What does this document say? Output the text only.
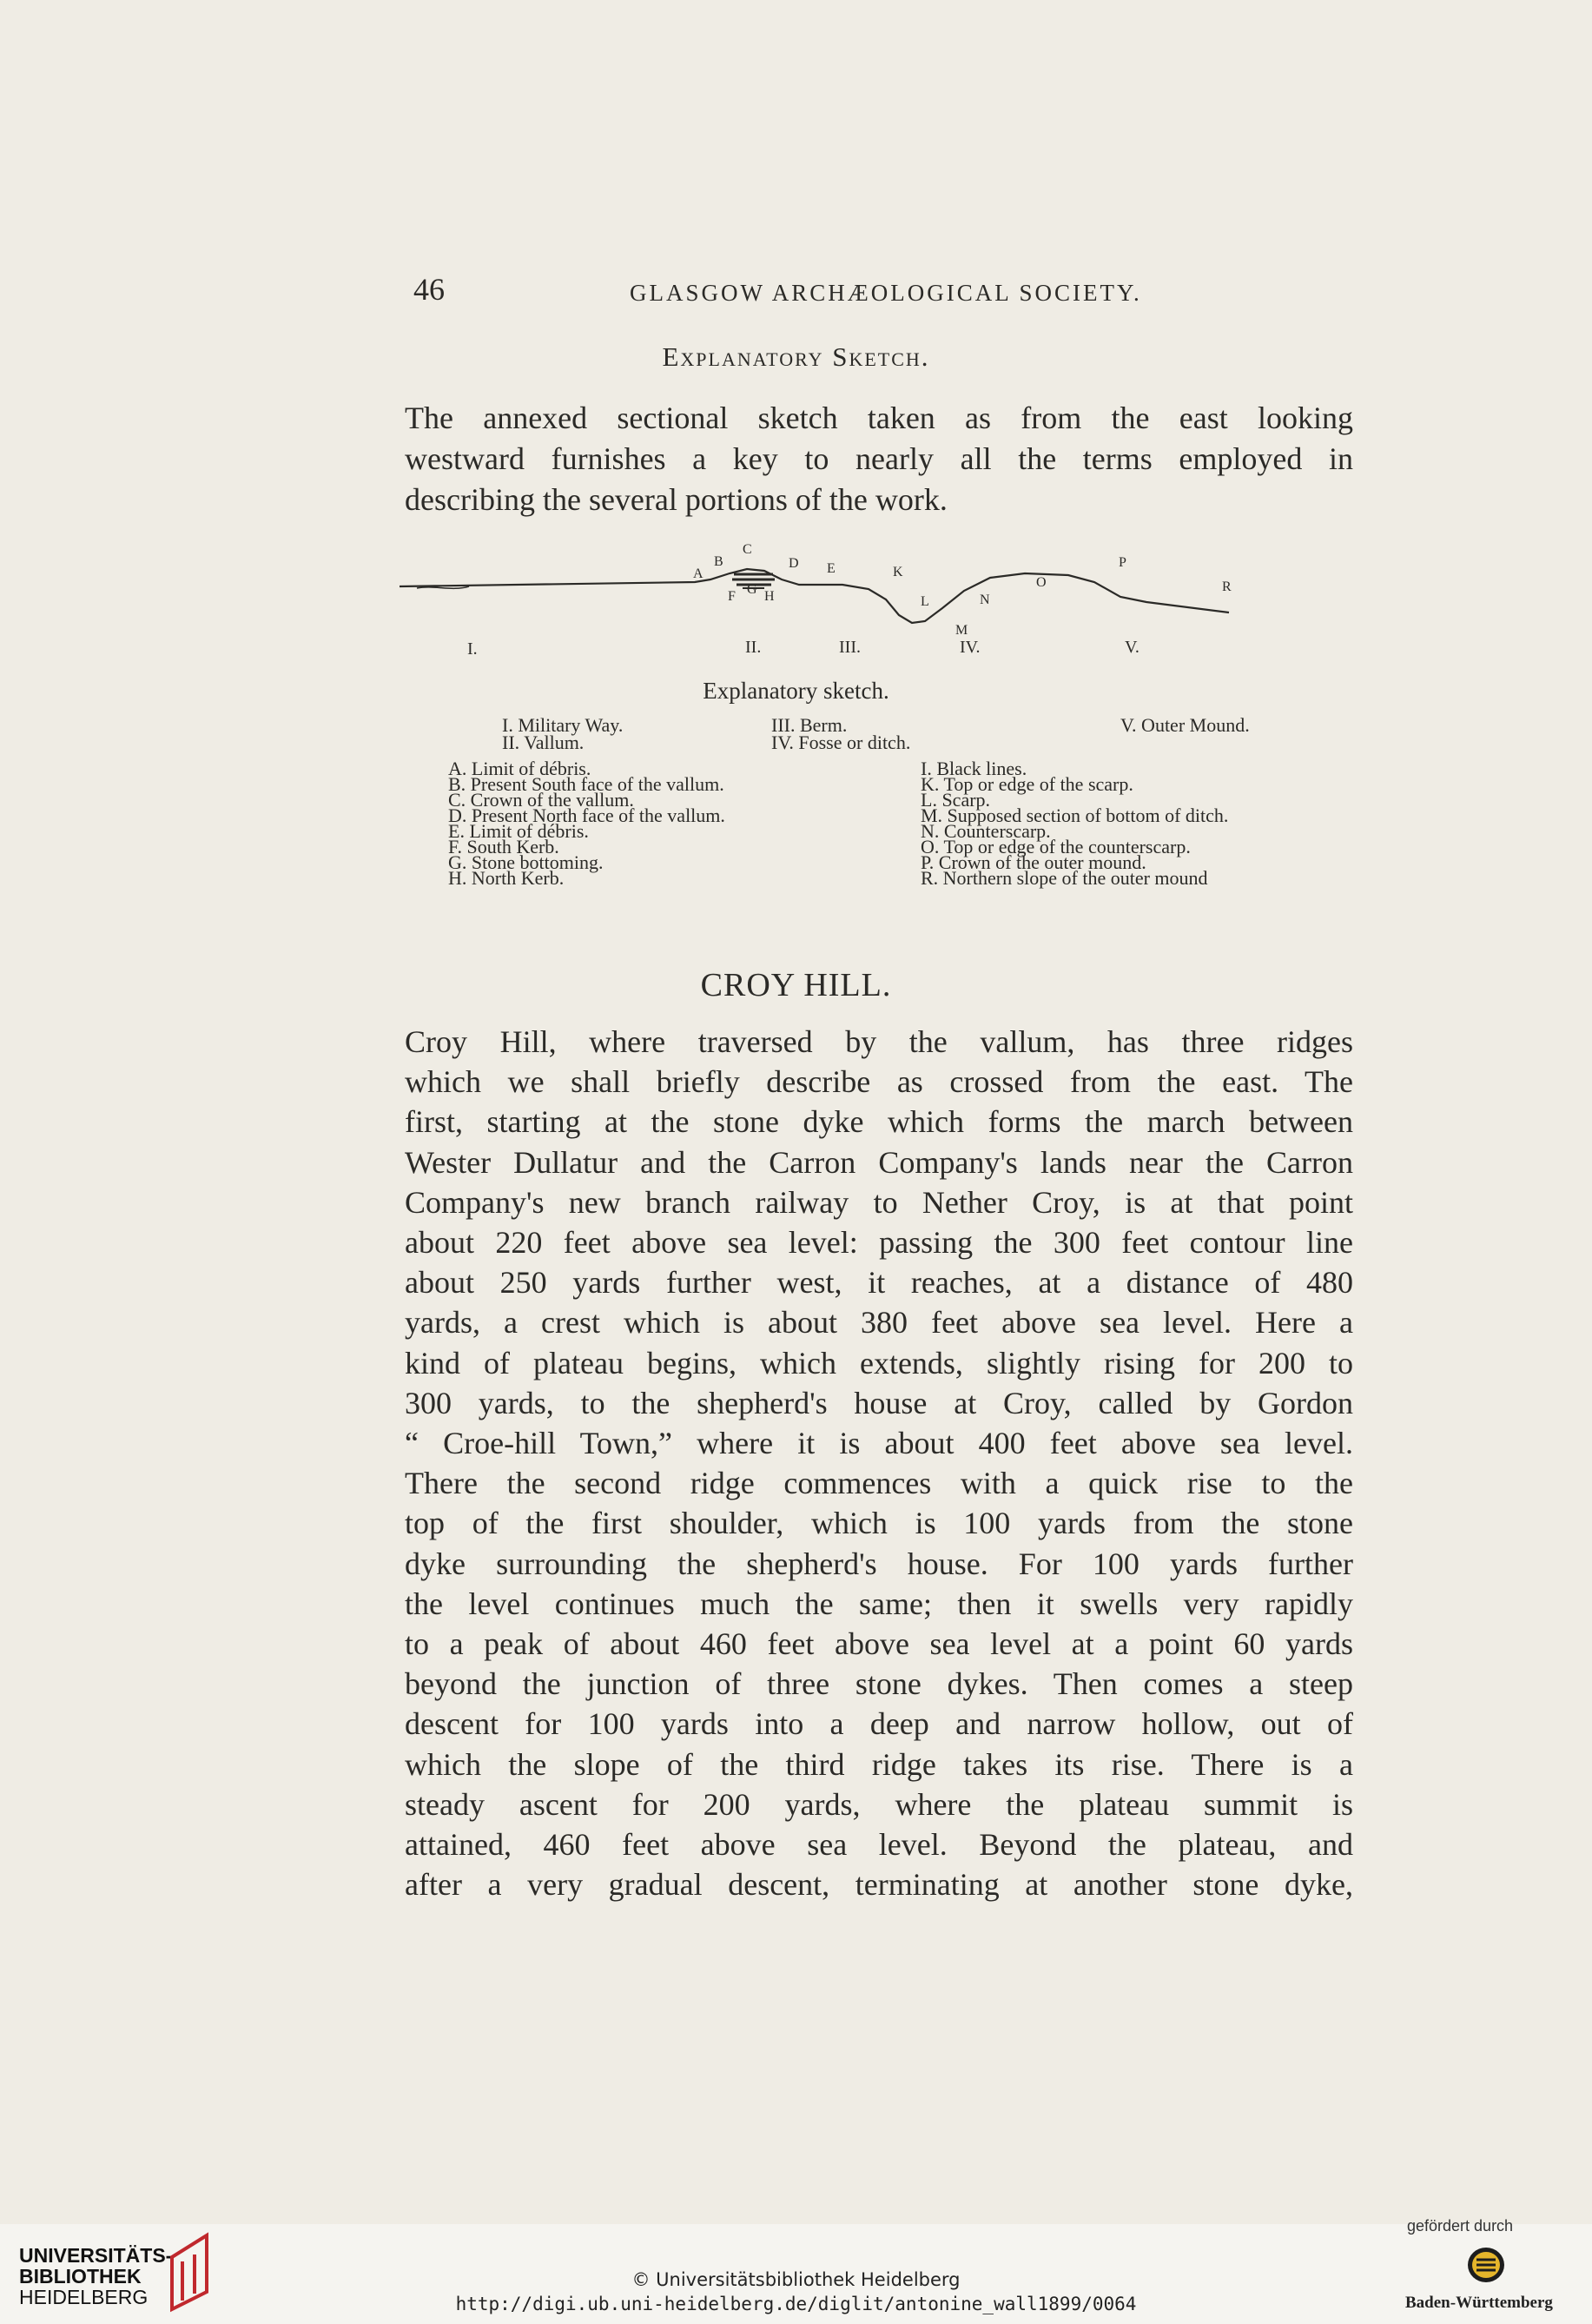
46	GLASGOW ARCHÆOLOGICAL SOCIETY.
Explanatory Sketch.
The annexed sectional sketch taken as from the east looking
westward furnishes a key to nearly all the terms employed in
describing the several portions of the work.
A
B
C
D E
F G H
K
L
M
N
O
P
R
I.	II.	III.	IV.	V.
Explanatory sketch.
I. Military Way.
II. Vallum.
III. Berm.
IV. Fosse or ditch.
V. Outer Mound.
A. Limit of débris.
B. Present South face of the vallum.
C. Crown of the vallum.
D. Present North face of the vallum.
E. Limit of débris.
F. South Kerb.
G. Stone bottoming.
H. North Kerb.
I. Black lines.
K. Top or edge of the scarp.
L. Scarp.
M. Supposed section of bottom of ditch.
N. Counterscarp.
O. Top or edge of the counterscarp.
P. Crown of the outer mound.
R. Northern slope of the outer mound
CROY HILL.
Croy Hill, where traversed by the vallum, has three ridges
which we shall briefly describe as crossed from the east. The
first, starting at the stone dyke which forms the march between
Wester Dullatur and the Carron Company's lands near the Carron
Company's new branch railway to Nether Croy, is at that point
about 220 feet above sea level: passing the 300 feet contour line
about 250 yards further west, it reaches, at a distance of 480
yards, a crest which is about 380 feet above sea level. Here a
kind of plateau begins, which extends, slightly rising for 200 to
300 yards, to the shepherd's house at Croy, called by Gordon
“ Croe-hill Town,” where it is about 400 feet above sea level.
There the second ridge commences with a quick rise to the
top of the first shoulder, which is 100 yards from the stone
dyke surrounding the shepherd's house. For 100 yards further
the level continues much the same; then it swells very rapidly
to a peak of about 460 feet above sea level at a point 60 yards
beyond the junction of three stone dykes. Then comes a steep
descent for 100 yards into a deep and narrow hollow, out of
which the slope of the third ridge takes its rise. There is a
steady ascent for 200 yards, where the plateau summit is
attained, 460 feet above sea level. Beyond the plateau, and
after a very gradual descent, terminating at another stone dyke,
UNIVERSITÄTS-
BIBLIOTHEK
HEIDELBERG
© Universitätsbibliothek Heidelberg
http://digi.ub.uni-heidelberg.de/diglit/antonine_wall1899/0064
gefördert durch
Baden-Württemberg
